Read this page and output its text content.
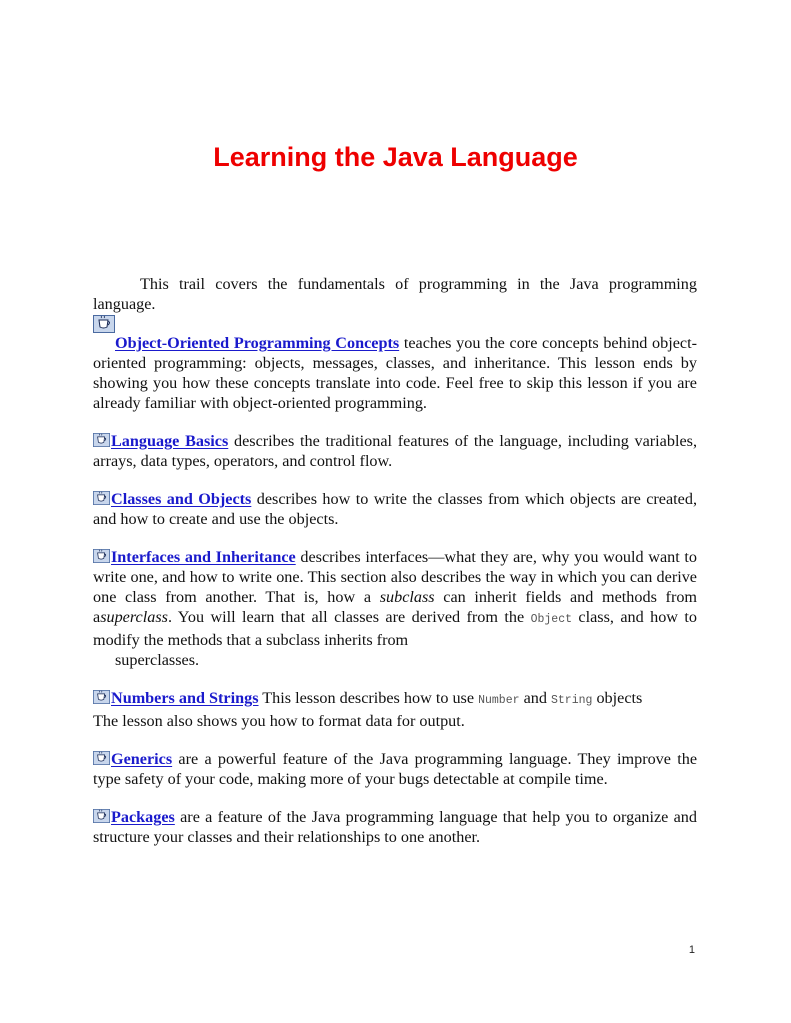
Learning the Java Language

This trail covers the fundamentals of programming in the Java programming language.

Object-Oriented Programming Concepts teaches you the core concepts behind object-oriented programming: objects, messages, classes, and inheritance. This lesson ends by showing you how these concepts translate into code. Feel free to skip this lesson if you are already familiar with object-oriented programming.

Language Basics describes the traditional features of the language, including variables, arrays, data types, operators, and control flow.

Classes and Objects describes how to write the classes from which objects are created, and how to create and use the objects.

Interfaces and Inheritance describes interfaces—what they are, why you would want to write one, and how to write one. This section also describes the way in which you can derive one class from another. That is, how a subclass can inherit fields and methods from asuperclass. You will learn that all classes are derived from the Object class, and how to modify the methods that a subclass inherits from

superclasses.

Numbers and Strings This lesson describes how to use Number and String objects

The lesson also shows you how to format data for output.

Generics are a powerful feature of the Java programming language. They improve the type safety of your code, making more of your bugs detectable at compile time.

Packages are a feature of the Java programming language that help you to organize and structure your classes and their relationships to one another.

1
